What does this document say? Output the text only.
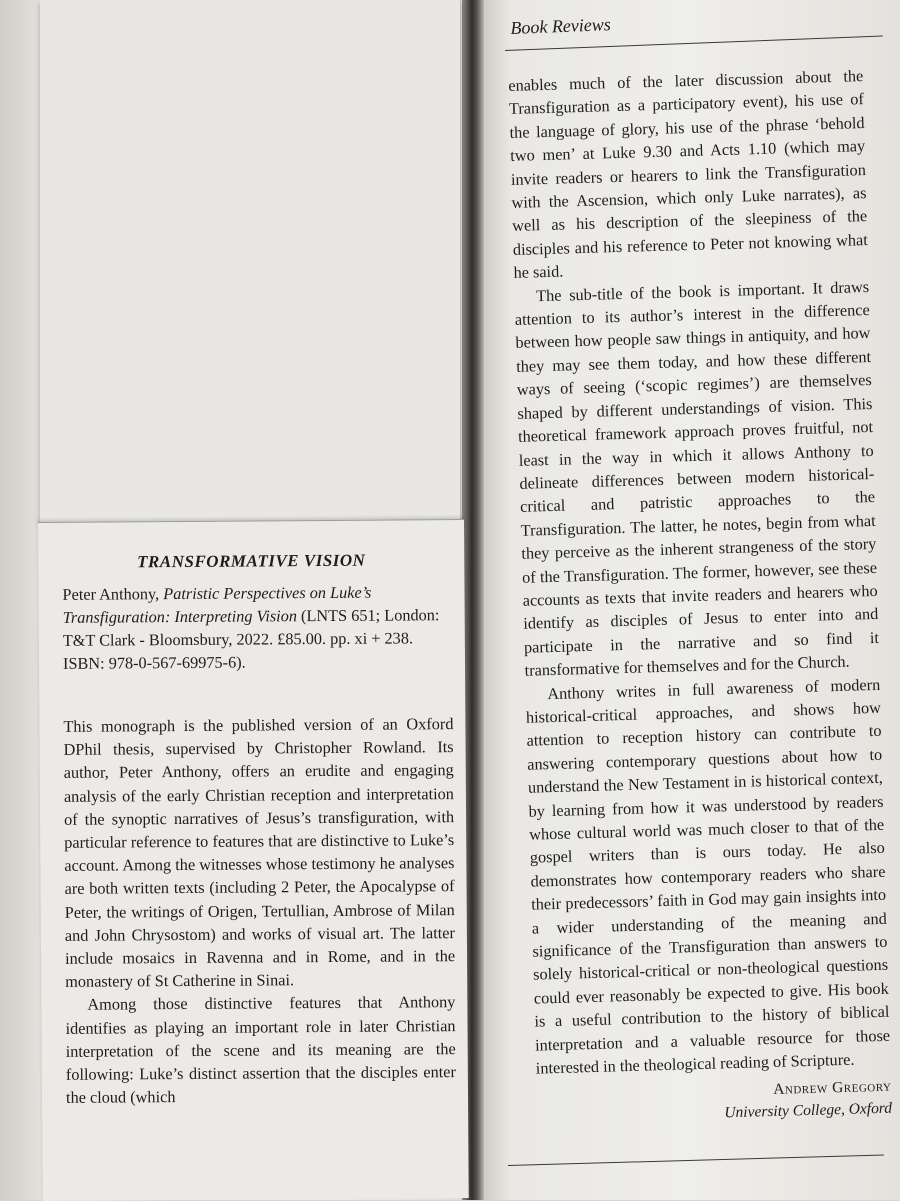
TRANSFORMATIVE VISION
Peter Anthony, Patristic Perspectives on Luke’s Transfiguration: Interpreting Vision (LNTS 651; London: T&T Clark - Bloomsbury, 2022. £85.00. pp. xi + 238. ISBN: 978-0-567-69975-6).

This monograph is the published version of an Oxford DPhil thesis, supervised by Christopher Rowland. Its author, Peter Anthony, offers an erudite and engaging analysis of the early Christian reception and interpretation of the synoptic narratives of Jesus’s transfiguration, with particular reference to features that are distinctive to Luke’s account. Among the witnesses whose testimony he analyses are both written texts (including 2 Peter, the Apocalypse of Peter, the writings of Origen, Tertullian, Ambrose of Milan and John Chrysostom) and works of visual art. The latter include mosaics in Ravenna and in Rome, and in the monastery of St Catherine in Sinai.

Among those distinctive features that Anthony identifies as playing an important role in later Christian interpretation of the scene and its meaning are the following: Luke’s distinct assertion that the disciples enter the cloud (which

Book Reviews

enables much of the later discussion about the Transfiguration as a participatory event), his use of the language of glory, his use of the phrase ‘behold two men’ at Luke 9.30 and Acts 1.10 (which may invite readers or hearers to link the Transfiguration with the Ascension, which only Luke narrates), as well as his description of the sleepiness of the disciples and his reference to Peter not knowing what he said.

The sub-title of the book is important. It draws attention to its author’s interest in the difference between how people saw things in antiquity, and how they may see them today, and how these different ways of seeing (‘scopic regimes’) are themselves shaped by different understandings of vision. This theoretical framework approach proves fruitful, not least in the way in which it allows Anthony to delineate differences between modern historical-critical and patristic approaches to the Transfiguration. The latter, he notes, begin from what they perceive as the inherent strangeness of the story of the Transfiguration. The former, however, see these accounts as texts that invite readers and hearers who identify as disciples of Jesus to enter into and participate in the narrative and so find it transformative for themselves and for the Church.

Anthony writes in full awareness of modern historical-critical approaches, and shows how attention to reception history can contribute to answering contemporary questions about how to understand the New Testament in is historical context, by learning from how it was understood by readers whose cultural world was much closer to that of the gospel writers than is ours today. He also demonstrates how contemporary readers who share their predecessors’ faith in God may gain insights into a wider understanding of the meaning and significance of the Transfiguration than answers to solely historical-critical or non-theological questions could ever reasonably be expected to give. His book is a useful contribution to the history of biblical interpretation and a valuable resource for those interested in the theological reading of Scripture.

Andrew Gregory
University College, Oxford
